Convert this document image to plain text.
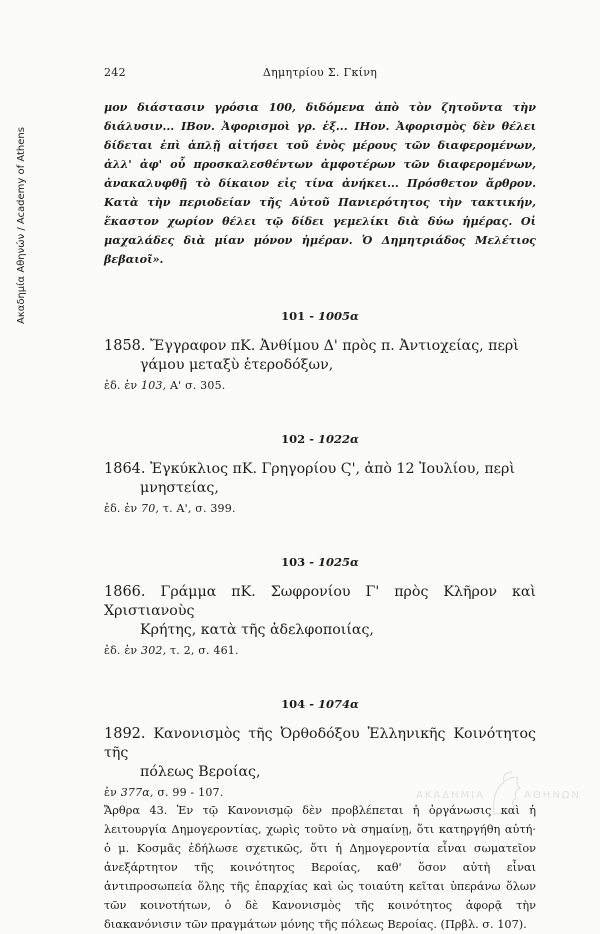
Ακαδημία Αθηνών / Academy of Athens
242	Δημητρίου Σ. Γκίνη

μον διάστασιν γρόσια 100, διδόμενα ἀπὸ τὸν ζητοῦντα τὴν διάλυσιν... ΙΒον. Ἀφορισμοὶ γρ. ἑξ... ΙΗον. Ἀφορισμὸς δὲν θέλει δίδεται ἐπὶ ἁπλῇ αἰτήσει τοῦ ἑνὸς μέρους τῶν διαφερομένων, ἀλλ' ἀφ' οὗ προσκαλεσθέντων ἀμφοτέρων τῶν διαφερομένων, ἀνακαλυφθῇ τὸ δίκαιον εἰς τίνα ἀνήκει... Πρόσθετον ἄρθρον. Κατὰ τὴν περιοδείαν τῆς Αὐτοῦ Πανιερότητος τὴν τακτικήν, ἕκαστον χωρίον θέλει τῷ δίδει γεμελίκι διὰ δύω ἡμέρας. Οἱ μαχαλάδες διὰ μίαν μόνον ἡμέραν. Ὁ Δημητριάδος Μελέτιος βεβαιοῖ».

101 - 1005α

1858. Ἔγγραφον πΚ. Ἀνθίμου Δ' πρὸς π. Ἀντιοχείας, περὶ
γάμου μεταξὺ ἑτεροδόξων,

ἐδ. ἐν 103, Α' σ. 305.
102 - 1022α

1864. Ἐγκύκλιος πΚ. Γρηγορίου Ϛ', ἀπὸ 12 Ἰουλίου, περὶ
μνηστείας,

ἐδ. ἐν 70, τ. Α', σ. 399.
103 - 1025α

1866. Γράμμα πΚ. Σωφρονίου Γ' πρὸς Κλῆρον καὶ Χριστιανοὺς
Κρήτης, κατὰ τῆς ἀδελφοποιίας,

ἐδ. ἐν 302, τ. 2, σ. 461.
104 - 1074α

1892. Κανονισμὸς τῆς Ὀρθοδόξου Ἑλληνικῆς Κοινότητος τῆς
πόλεως Βεροίας,

ἐν 377α, σ. 99 - 107.

Ἄρθρα 43. Ἐν τῷ Κανονισμῷ δὲν προβλέπεται ἡ ὀργάνωσις καὶ ἡ λειτουργία Δημογεροντίας, χωρὶς τοῦτο νὰ σημαίνῃ, ὅτι κατηργήθη αὐτή· ὁ μ. Κοσμᾶς ἐδήλωσε σχετικῶς, ὅτι ἡ Δημογεροντία εἶναι σωματεῖον ἀνεξάρτητον τῆς κοινότητος Βεροίας, καθ' ὅσον αὐτὴ εἶναι ἀντιπροσωπεία ὅλης τῆς ἐπαρχίας καὶ ὡς τοιαύτη κεῖται ὑπεράνω ὅλων τῶν κοινοτήτων, ὁ δὲ Κανονισμὸς τῆς κοινότητος ἀφορᾷ τὴν διακανόνισιν τῶν πραγμάτων μόνης τῆς πόλεως Βεροίας. (Πρβλ. σ. 107).

ΑΚΑΔΗΜΙΑ	ΑΘΗΝΩΝ
